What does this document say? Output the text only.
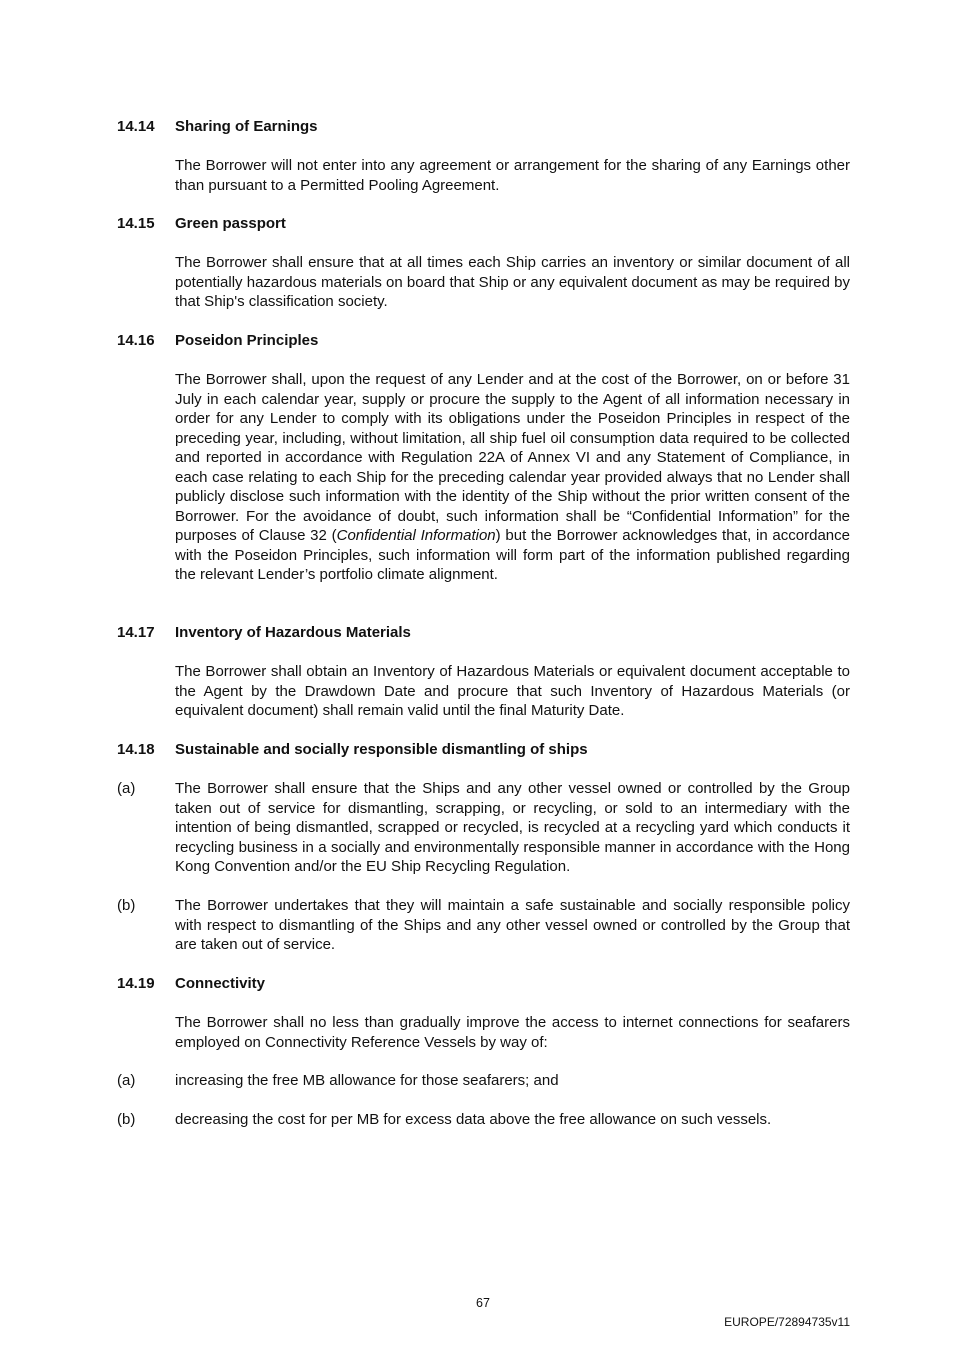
14.14	Sharing of Earnings
The Borrower will not enter into any agreement or arrangement for the sharing of any Earnings other than pursuant to a Permitted Pooling Agreement.
14.15	Green passport
The Borrower shall ensure that at all times each Ship carries an inventory or similar document of all potentially hazardous materials on board that Ship or any equivalent document as may be required by that Ship's classification society.
14.16	Poseidon Principles
The Borrower shall, upon the request of any Lender and at the cost of the Borrower, on or before 31 July in each calendar year, supply or procure the supply to the Agent of all information necessary in order for any Lender to comply with its obligations under the Poseidon Principles in respect of the preceding year, including, without limitation, all ship fuel oil consumption data required to be collected and reported in accordance with Regulation 22A of Annex VI and any Statement of Compliance, in each case relating to each Ship for the preceding calendar year provided always that no Lender shall publicly disclose such information with the identity of the Ship without the prior written consent of the Borrower. For the avoidance of doubt, such information shall be “Confidential Information” for the purposes of Clause 32 (Confidential Information) but the Borrower acknowledges that, in accordance with the Poseidon Principles, such information will form part of the information published regarding the relevant Lender’s portfolio climate alignment.
14.17	Inventory of Hazardous Materials
The Borrower shall obtain an Inventory of Hazardous Materials or equivalent document acceptable to the Agent by the Drawdown Date and procure that such Inventory of Hazardous Materials (or equivalent document) shall remain valid until the final Maturity Date.
14.18	Sustainable and socially responsible dismantling of ships
(a)	The Borrower shall ensure that the Ships and any other vessel owned or controlled by the Group taken out of service for dismantling, scrapping, or recycling, or sold to an intermediary with the intention of being dismantled, scrapped or recycled, is recycled at a recycling yard which conducts it recycling business in a socially and environmentally responsible manner in accordance with the Hong Kong Convention and/or the EU Ship Recycling Regulation.
(b)	The Borrower undertakes that they will maintain a safe sustainable and socially responsible policy with respect to dismantling of the Ships and any other vessel owned or controlled by the Group that are taken out of service.
14.19	Connectivity
The Borrower shall no less than gradually improve the access to internet connections for seafarers employed on Connectivity Reference Vessels by way of:
(a)	increasing the free MB allowance for those seafarers; and
(b)	decreasing the cost for per MB for excess data above the free allowance on such vessels.
67
EUROPE/72894735v11
